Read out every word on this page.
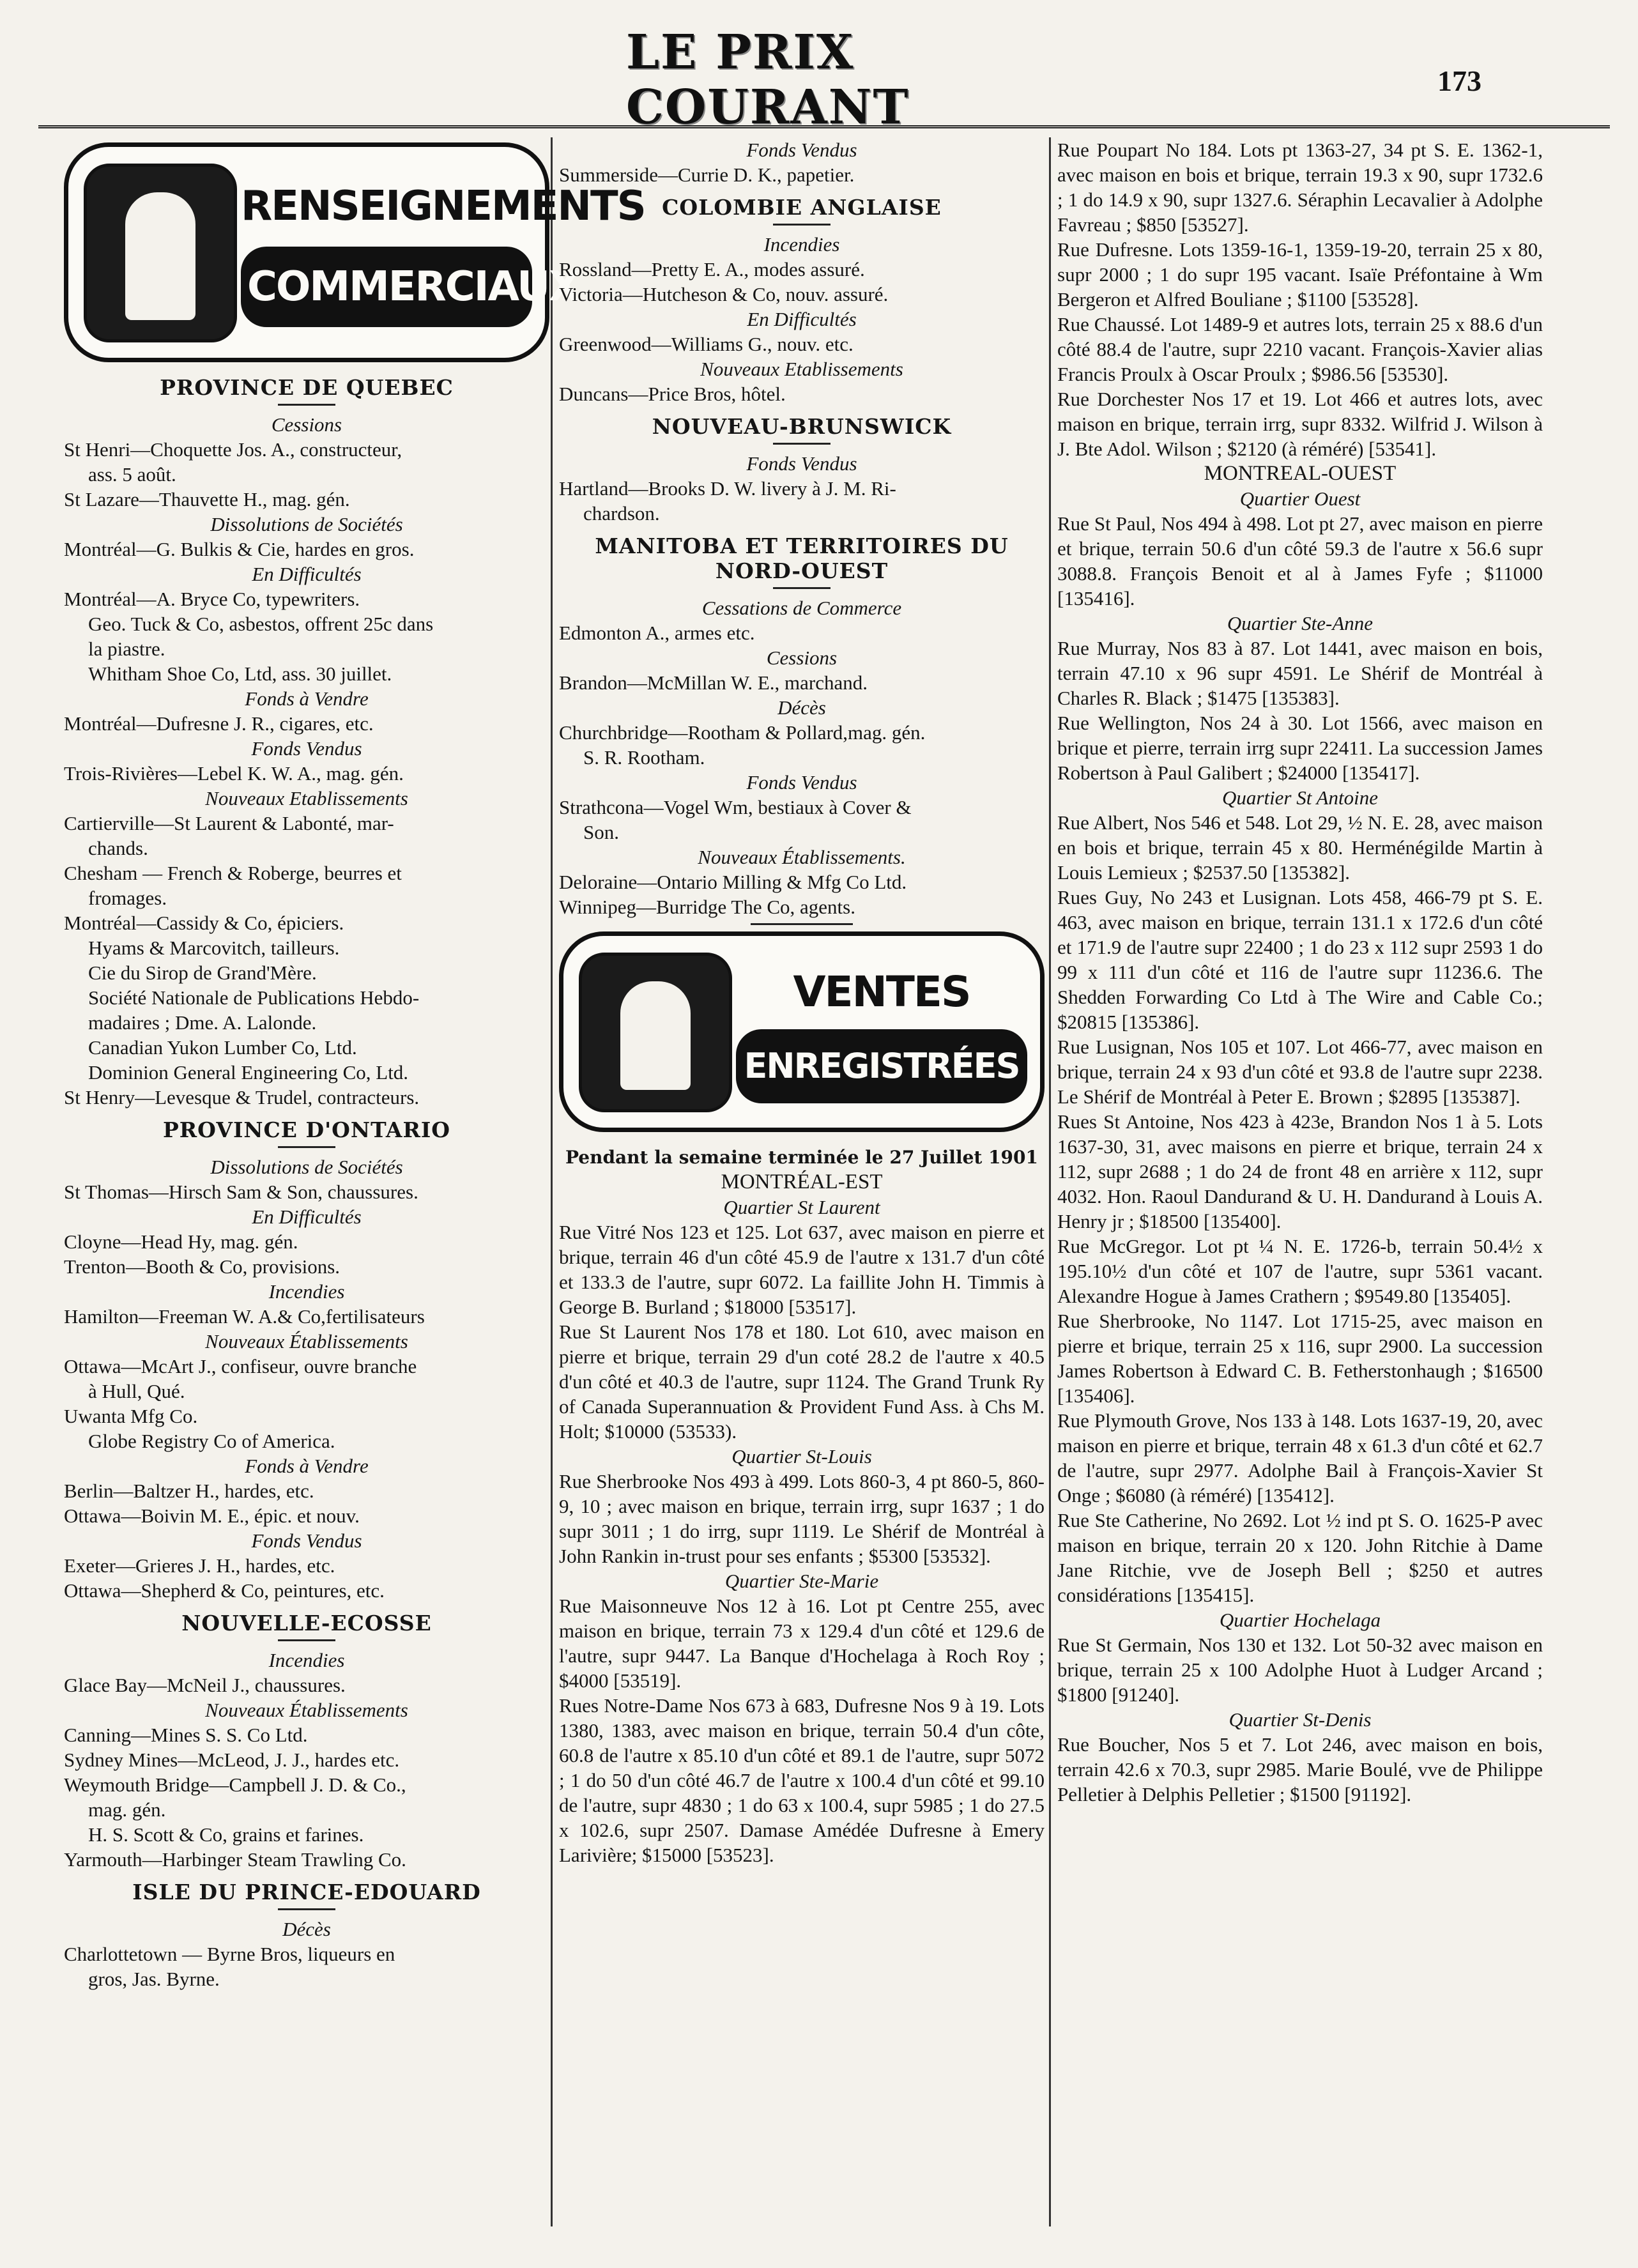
LE PRIX COURANT	173
RENSEIGNEMENTS
COMMERCIAUX
PROVINCE DE QUEBEC
Cessions
St Henri—Choquette Jos. A., constructeur,
ass. 5 août.
St Lazare—Thauvette H., mag. gén.
Dissolutions de Sociétés
Montréal—G. Bulkis & Cie, hardes en gros.
En Difficultés
Montréal—A. Bryce Co, typewriters.
Geo. Tuck & Co, asbestos, offrent 25c dans
la piastre.
Whitham Shoe Co, Ltd, ass. 30 juillet.
Fonds à Vendre
Montréal—Dufresne J. R., cigares, etc.
Fonds Vendus
Trois-Rivières—Lebel K. W. A., mag. gén.
Nouveaux Etablissements
Cartierville—St Laurent & Labonté, mar-
chands.
Chesham — French & Roberge, beurres et
fromages.
Montréal—Cassidy & Co, épiciers.
Hyams & Marcovitch, tailleurs.
Cie du Sirop de Grand'Mère.
Société Nationale de Publications Hebdo-
madaires ; Dme. A. Lalonde.
Canadian Yukon Lumber Co, Ltd.
Dominion General Engineering Co, Ltd.
St Henry—Levesque & Trudel, contracteurs.
PROVINCE D'ONTARIO
Dissolutions de Sociétés
St Thomas—Hirsch Sam & Son, chaussures.
En Difficultés
Cloyne—Head Hy, mag. gén.
Trenton—Booth & Co, provisions.
Incendies
Hamilton—Freeman W. A.& Co,fertilisateurs
Nouveaux Établissements
Ottawa—McArt J., confiseur, ouvre branche
à Hull, Qué.
Uwanta Mfg Co.
Globe Registry Co of America.
Fonds à Vendre
Berlin—Baltzer H., hardes, etc.
Ottawa—Boivin M. E., épic. et nouv.
Fonds Vendus
Exeter—Grieres J. H., hardes, etc.
Ottawa—Shepherd & Co, peintures, etc.
NOUVELLE-ECOSSE
Incendies
Glace Bay—McNeil J., chaussures.
Nouveaux Établissements
Canning—Mines S. S. Co Ltd.
Sydney Mines—McLeod, J. J., hardes etc.
Weymouth Bridge—Campbell J. D. & Co.,
mag. gén.
H. S. Scott & Co, grains et farines.
Yarmouth—Harbinger Steam Trawling Co.
ISLE DU PRINCE-EDOUARD
Décès
Charlottetown — Byrne Bros, liqueurs en
gros, Jas. Byrne.
Fonds Vendus
Summerside—Currie D. K., papetier.
COLOMBIE ANGLAISE
Incendies
Rossland—Pretty E. A., modes assuré.
Victoria—Hutcheson & Co, nouv. assuré.
En Difficultés
Greenwood—Williams G., nouv. etc.
Nouveaux Etablissements
Duncans—Price Bros, hôtel.
NOUVEAU-BRUNSWICK
Fonds Vendus
Hartland—Brooks D. W. livery à J. M. Ri-
chardson.
MANITOBA ET TERRITOIRES DU
NORD-OUEST
Cessations de Commerce
Edmonton A., armes etc.
Cessions
Brandon—McMillan W. E., marchand.
Décès
Churchbridge—Rootham & Pollard,mag. gén.
S. R. Rootham.
Fonds Vendus
Strathcona—Vogel Wm, bestiaux à Cover &
Son.
Nouveaux Établissements.
Deloraine—Ontario Milling & Mfg Co Ltd.
Winnipeg—Burridge The Co, agents.
VENTES
ENREGISTRÉES
Pendant la semaine terminée le 27 Juillet 1901
MONTRÉAL-EST
Quartier St Laurent

Rue Vitré Nos 123 et 125. Lot 637, avec maison en pierre et brique, terrain 46 d'un côté 45.9 de l'autre x 131.7 d'un côté et 133.3 de l'autre, supr 6072. La faillite John H. Timmis à George B. Burland ; $18000 [53517].

Rue St Laurent Nos 178 et 180. Lot 610, avec maison en pierre et brique, terrain 29 d'un coté 28.2 de l'autre x 40.5 d'un côté et 40.3 de l'autre, supr 1124. The Grand Trunk Ry of Canada Superannuation & Provident Fund Ass. à Chs M. Holt; $10000 (53533).

Quartier St-Louis

Rue Sherbrooke Nos 493 à 499. Lots 860-3, 4 pt 860-5, 860-9, 10 ; avec maison en brique, terrain irrg, supr 1637 ; 1 do supr 3011 ; 1 do irrg, supr 1119. Le Shérif de Montréal à John Rankin in-trust pour ses enfants ; $5300 [53532].

Quartier Ste-Marie

Rue Maisonneuve Nos 12 à 16. Lot pt Centre 255, avec maison en brique, terrain 73 x 129.4 d'un côté et 129.6 de l'autre, supr 9447. La Banque d'Hochelaga à Roch Roy ; $4000 [53519].

Rues Notre-Dame Nos 673 à 683, Dufresne Nos 9 à 19. Lots 1380, 1383, avec maison en brique, terrain 50.4 d'un côte, 60.8 de l'autre x 85.10 d'un côté et 89.1 de l'autre, supr 5072 ; 1 do 50 d'un côté 46.7 de l'autre x 100.4 d'un côté et 99.10 de l'autre, supr 4830 ; 1 do 63 x 100.4, supr 5985 ; 1 do 27.5 x 102.6, supr 2507. Damase Amédée Dufresne à Emery Larivière; $15000 [53523].

Rue Poupart No 184. Lots pt 1363-27, 34 pt S. E. 1362-1, avec maison en bois et brique, terrain 19.3 x 90, supr 1732.6 ; 1 do 14.9 x 90, supr 1327.6. Séraphin Lecavalier à Adolphe Favreau ; $850 [53527].

Rue Dufresne. Lots 1359-16-1, 1359-19-20, terrain 25 x 80, supr 2000 ; 1 do supr 195 vacant. Isaïe Préfontaine à Wm Bergeron et Alfred Bouliane ; $1100 [53528].

Rue Chaussé. Lot 1489-9 et autres lots, terrain 25 x 88.6 d'un côté 88.4 de l'autre, supr 2210 vacant. François-Xavier alias Francis Proulx à Oscar Proulx ; $986.56 [53530].

Rue Dorchester Nos 17 et 19. Lot 466 et autres lots, avec maison en brique, terrain irrg, supr 8332. Wilfrid J. Wilson à J. Bte Adol. Wilson ; $2120 (à réméré) [53541].

MONTREAL-OUEST
Quartier Ouest

Rue St Paul, Nos 494 à 498. Lot pt 27, avec maison en pierre et brique, terrain 50.6 d'un côté 59.3 de l'autre x 56.6 supr 3088.8. François Benoit et al à James Fyfe ; $11000 [135416].

Quartier Ste-Anne

Rue Murray, Nos 83 à 87. Lot 1441, avec maison en bois, terrain 47.10 x 96 supr 4591. Le Shérif de Montréal à Charles R. Black ; $1475 [135383].

Rue Wellington, Nos 24 à 30. Lot 1566, avec maison en brique et pierre, terrain irrg supr 22411. La succession James Robertson à Paul Galibert ; $24000 [135417].

Quartier St Antoine

Rue Albert, Nos 546 et 548. Lot 29, ½ N. E. 28, avec maison en bois et brique, terrain 45 x 80. Herménégilde Martin à Louis Lemieux ; $2537.50 [135382].

Rues Guy, No 243 et Lusignan. Lots 458, 466-79 pt S. E. 463, avec maison en brique, terrain 131.1 x 172.6 d'un côté et 171.9 de l'autre supr 22400 ; 1 do 23 x 112 supr 2593 1 do 99 x 111 d'un côté et 116 de l'autre supr 11236.6. The Shedden Forwarding Co Ltd à The Wire and Cable Co.; $20815 [135386].

Rue Lusignan, Nos 105 et 107. Lot 466-77, avec maison en brique, terrain 24 x 93 d'un côté et 93.8 de l'autre supr 2238. Le Shérif de Montréal à Peter E. Brown ; $2895 [135387].

Rues St Antoine, Nos 423 à 423e, Brandon Nos 1 à 5. Lots 1637-30, 31, avec maisons en pierre et brique, terrain 24 x 112, supr 2688 ; 1 do 24 de front 48 en arrière x 112, supr 4032. Hon. Raoul Dandurand & U. H. Dandurand à Louis A. Henry jr ; $18500 [135400].

Rue McGregor. Lot pt ¼ N. E. 1726-b, terrain 50.4½ x 195.10½ d'un côté et 107 de l'autre, supr 5361 vacant. Alexandre Hogue à James Crathern ; $9549.80 [135405].

Rue Sherbrooke, No 1147. Lot 1715-25, avec maison en pierre et brique, terrain 25 x 116, supr 2900. La succession James Robertson à Edward C. B. Fetherstonhaugh ; $16500 [135406].

Rue Plymouth Grove, Nos 133 à 148. Lots 1637-19, 20, avec maison en pierre et brique, terrain 48 x 61.3 d'un côté et 62.7 de l'autre, supr 2977. Adolphe Bail à François-Xavier St Onge ; $6080 (à réméré) [135412].

Rue Ste Catherine, No 2692. Lot ½ ind pt S. O. 1625-P avec maison en brique, terrain 20 x 120. John Ritchie à Dame Jane Ritchie, vve de Joseph Bell ; $250 et autres considérations [135415].

Quartier Hochelaga

Rue St Germain, Nos 130 et 132. Lot 50-32 avec maison en brique, terrain 25 x 100 Adolphe Huot à Ludger Arcand ; $1800 [91240].

Quartier St-Denis

Rue Boucher, Nos 5 et 7. Lot 246, avec maison en bois, terrain 42.6 x 70.3, supr 2985. Marie Boulé, vve de Philippe Pelletier à Delphis Pelletier ; $1500 [91192].
